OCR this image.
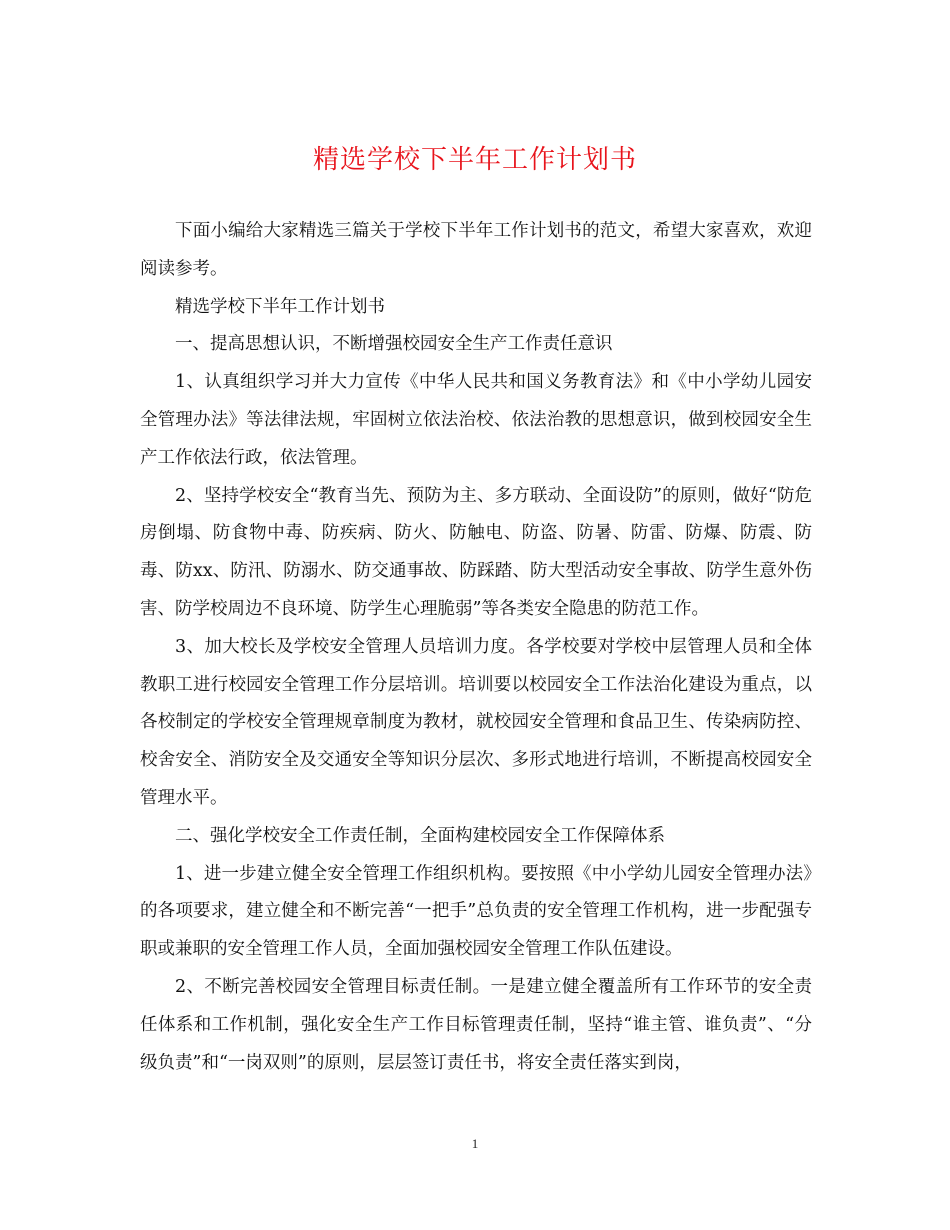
精选学校下半年工作计划书

下面小编给大家精选三篇关于学校下半年工作计划书的范文，希望大家喜欢，欢迎阅读参考。

精选学校下半年工作计划书

一、提高思想认识，不断增强校园安全生产工作责任意识

1、认真组织学习并大力宣传《中华人民共和国义务教育法》和《中小学幼儿园安全管理办法》等法律法规，牢固树立依法治校、依法治教的思想意识，做到校园安全生产工作依法行政，依法管理。

2、坚持学校安全“教育当先、预防为主、多方联动、全面设防”的原则，做好“防危房倒塌、防食物中毒、防疾病、防火、防触电、防盗、防暑、防雷、防爆、防震、防毒、防xx、防汛、防溺水、防交通事故、防踩踏、防大型活动安全事故、防学生意外伤害、防学校周边不良环境、防学生心理脆弱”等各类安全隐患的防范工作。

3、加大校长及学校安全管理人员培训力度。各学校要对学校中层管理人员和全体教职工进行校园安全管理工作分层培训。培训要以校园安全工作法治化建设为重点，以各校制定的学校安全管理规章制度为教材，就校园安全管理和食品卫生、传染病防控、校舍安全、消防安全及交通安全等知识分层次、多形式地进行培训，不断提高校园安全管理水平。

二、强化学校安全工作责任制，全面构建校园安全工作保障体系

1、进一步建立健全安全管理工作组织机构。要按照《中小学幼儿园安全管理办法》的各项要求，建立健全和不断完善“一把手”总负责的安全管理工作机构，进一步配强专职或兼职的安全管理工作人员，全面加强校园安全管理工作队伍建设。

2、不断完善校园安全管理目标责任制。一是建立健全覆盖所有工作环节的安全责任体系和工作机制，强化安全生产工作目标管理责任制，坚持“谁主管、谁负责”、“分级负责”和“一岗双则”的原则，层层签订责任书，将安全责任落实到岗，

1
